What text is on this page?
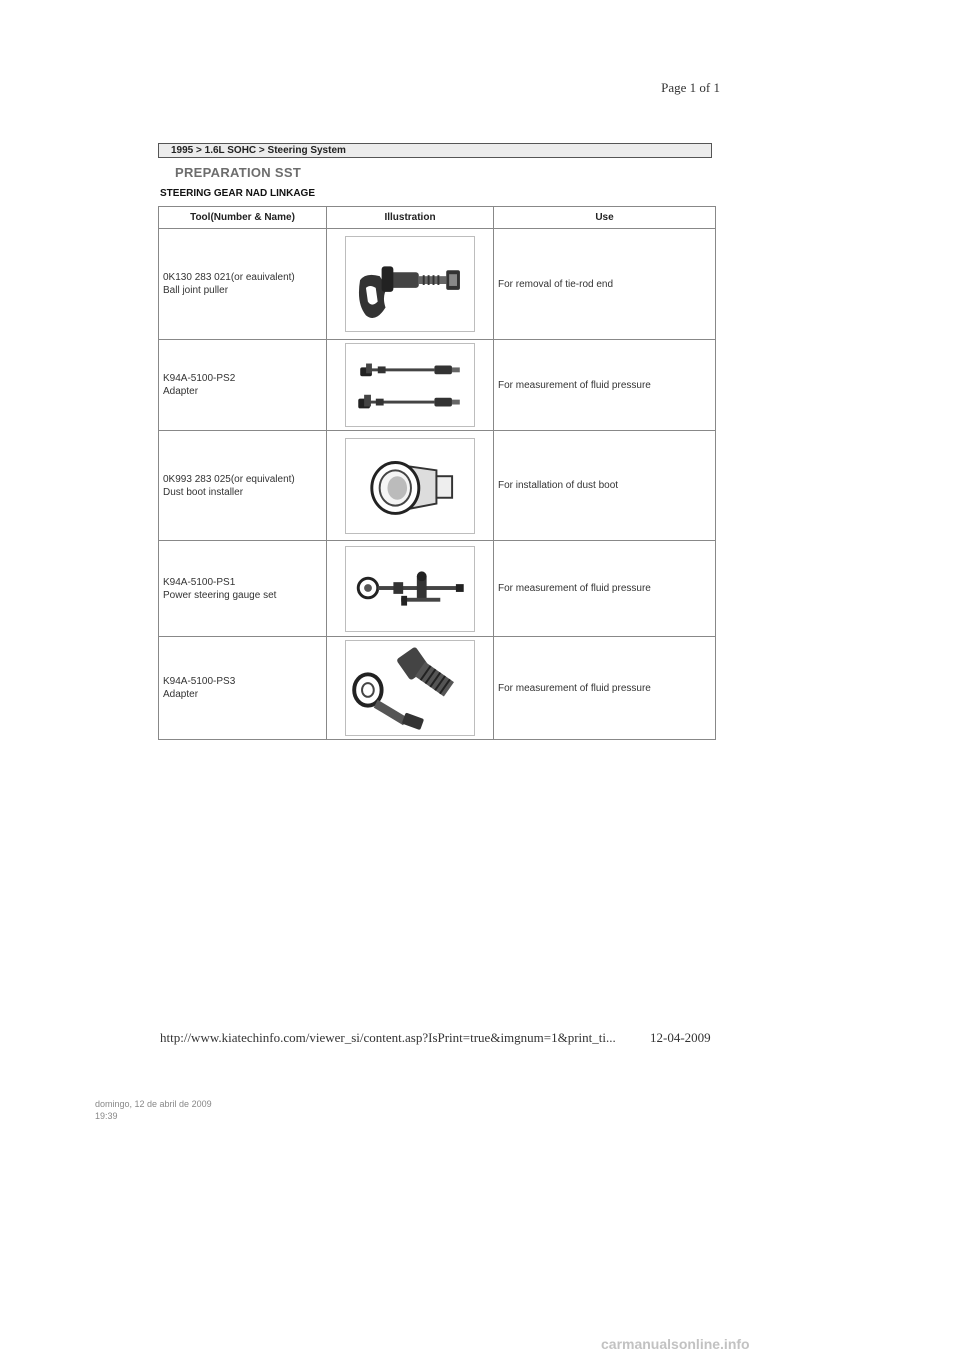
Page 1 of 1
1995 > 1.6L SOHC > Steering System
PREPARATION SST
STEERING GEAR NAD LINKAGE
Tool(Number & Name)	Illustration	Use
0K130 283 021(or eauivalent)
Ball joint puller		For removal of tie-rod end
K94A-5100-PS2
Adapter		For measurement of fluid pressure
0K993 283 025(or equivalent)
Dust boot installer		For installation of dust boot
K94A-5100-PS1
Power steering gauge set		For measurement of fluid pressure
K94A-5100-PS3
Adapter		For measurement of fluid pressure
http://www.kiatechinfo.com/viewer_si/content.asp?IsPrint=true&imgnum=1&print_ti...	12-04-2009
domingo, 12 de abril de 2009
19:39
carmanualsonline.info
